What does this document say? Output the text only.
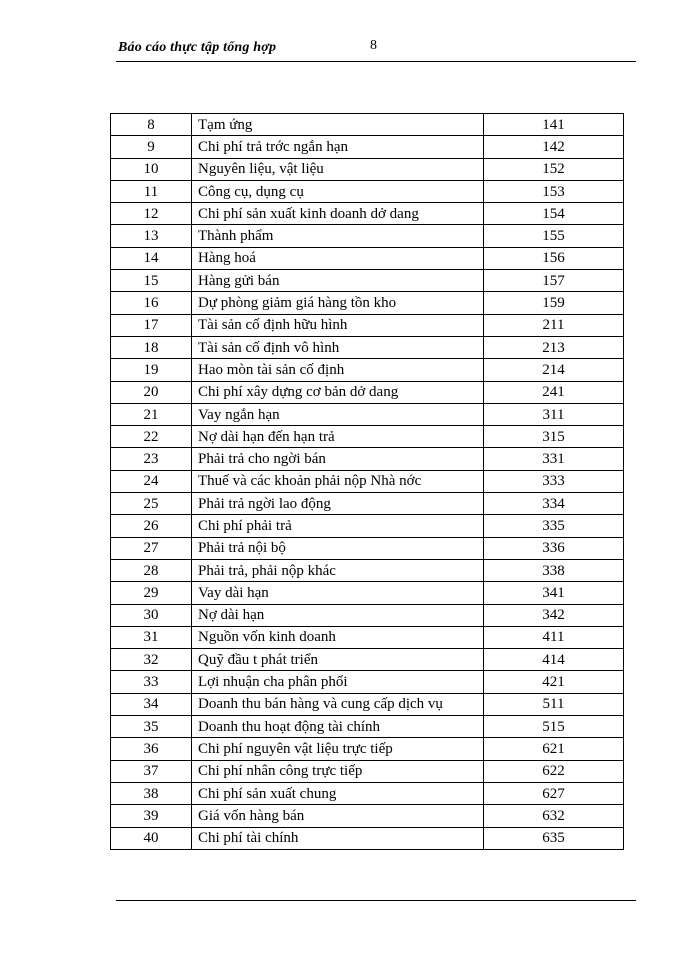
Báo cáo thực tập tổng hợp	8
8	Tạm ứng	141
9	Chi phí trả trớc ngắn hạn	142
10	Nguyên liệu, vật liệu	152
11	Công cụ, dụng cụ	153
12	Chi phí sản xuất kinh doanh dở dang	154
13	Thành phẩm	155
14	Hàng hoá	156
15	Hàng gửi bán	157
16	Dự phòng giảm giá hàng tồn kho	159
17	Tài sản cố định hữu hình	211
18	Tài sản cố định vô hình	213
19	Hao mòn tài sản cố định	214
20	Chi phí xây dựng cơ bản dở dang	241
21	Vay ngắn hạn	311
22	Nợ dài hạn đến hạn trả	315
23	Phải trả cho ngời bán	331
24	Thuế và các khoản phải nộp Nhà nớc	333
25	Phải trả ngời lao động	334
26	Chi phí phải trả	335
27	Phải trả nội bộ	336
28	Phải trả, phải nộp khác	338
29	Vay dài hạn	341
30	Nợ dài hạn	342
31	Nguồn vốn kinh doanh	411
32	Quỹ đầu t phát triển	414
33	Lợi nhuận cha phân phối	421
34	Doanh thu bán hàng và cung cấp dịch vụ	511
35	Doanh thu hoạt động tài chính	515
36	Chi phí nguyên vật liệu trực tiếp	621
37	Chi phí nhân công trực tiếp	622
38	Chi phí sản xuất chung	627
39	Giá vốn hàng bán	632
40	Chi phí tài chính	635
